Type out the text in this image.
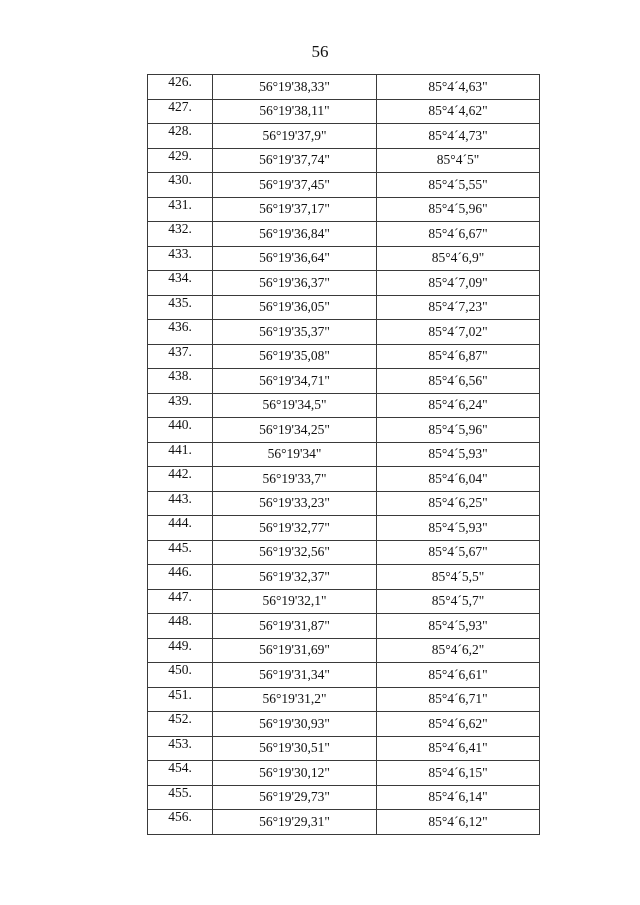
56
426.	56°19'38,33"	85°4´4,63"
427.	56°19'38,11"	85°4´4,62"
428.	56°19'37,9"	85°4´4,73"
429.	56°19'37,74"	85°4´5"
430.	56°19'37,45"	85°4´5,55"
431.	56°19'37,17"	85°4´5,96"
432.	56°19'36,84"	85°4´6,67"
433.	56°19'36,64"	85°4´6,9"
434.	56°19'36,37"	85°4´7,09"
435.	56°19'36,05"	85°4´7,23"
436.	56°19'35,37"	85°4´7,02"
437.	56°19'35,08"	85°4´6,87"
438.	56°19'34,71"	85°4´6,56"
439.	56°19'34,5"	85°4´6,24"
440.	56°19'34,25"	85°4´5,96"
441.	56°19'34"	85°4´5,93"
442.	56°19'33,7"	85°4´6,04"
443.	56°19'33,23"	85°4´6,25"
444.	56°19'32,77"	85°4´5,93"
445.	56°19'32,56"	85°4´5,67"
446.	56°19'32,37"	85°4´5,5"
447.	56°19'32,1"	85°4´5,7"
448.	56°19'31,87"	85°4´5,93"
449.	56°19'31,69"	85°4´6,2"
450.	56°19'31,34"	85°4´6,61"
451.	56°19'31,2"	85°4´6,71"
452.	56°19'30,93"	85°4´6,62"
453.	56°19'30,51"	85°4´6,41"
454.	56°19'30,12"	85°4´6,15"
455.	56°19'29,73"	85°4´6,14"
456.	56°19'29,31"	85°4´6,12"
